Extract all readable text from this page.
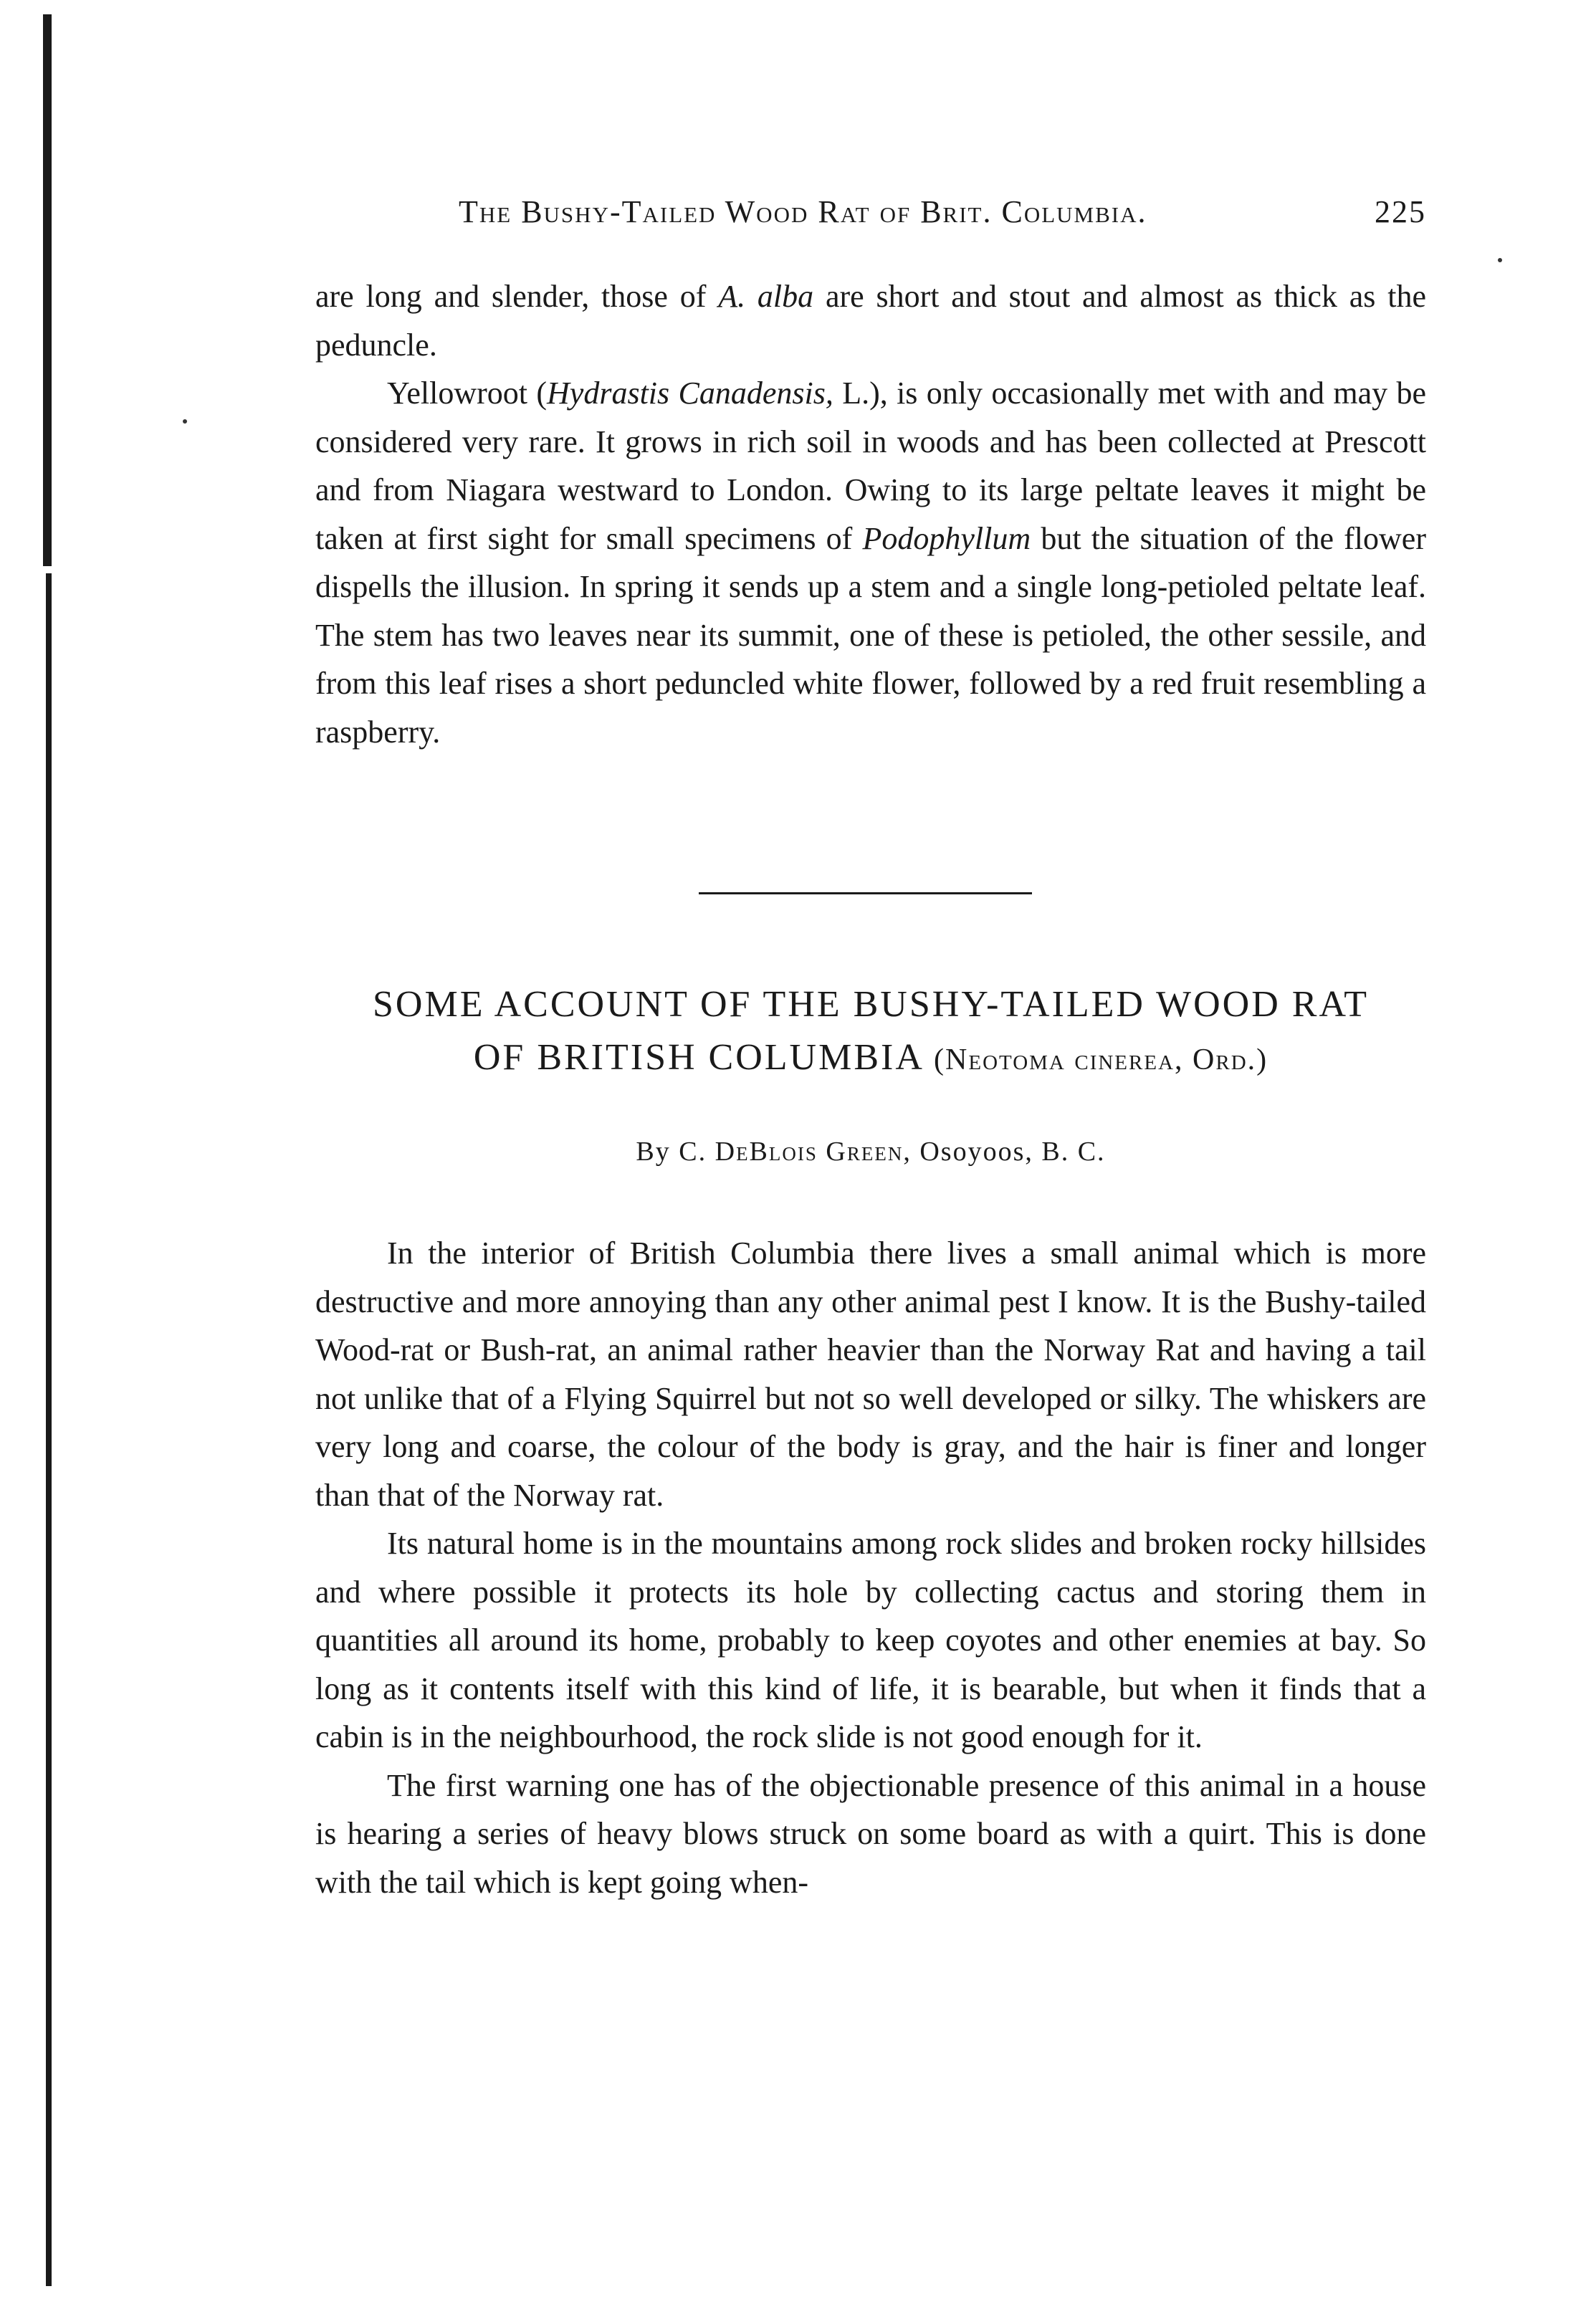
The Bushy-Tailed Wood Rat of Brit. Columbia.	225

are long and slender, those of A. alba are short and stout and almost as thick as the peduncle.

Yellowroot (Hydrastis Canadensis, L.), is only occasionally met with and may be considered very rare. It grows in rich soil in woods and has been collected at Prescott and from Niagara westward to London. Owing to its large peltate leaves it might be taken at first sight for small specimens of Podophyllum but the situation of the flower dispells the illusion. In spring it sends up a stem and a single long-petioled peltate leaf. The stem has two leaves near its summit, one of these is petioled, the other sessile, and from this leaf rises a short peduncled white flower, followed by a red fruit resembling a raspberry.

SOME ACCOUNT OF THE BUSHY-TAILED WOOD RAT
OF BRITISH COLUMBIA (Neotoma cinerea, Ord.)
By C. DeBlois Green, Osoyoos, B. C.

In the interior of British Columbia there lives a small animal which is more destructive and more annoying than any other animal pest I know. It is the Bushy-tailed Wood-rat or Bush-rat, an animal rather heavier than the Norway Rat and having a tail not unlike that of a Flying Squirrel but not so well developed or silky. The whiskers are very long and coarse, the colour of the body is gray, and the hair is finer and longer than that of the Norway rat.

Its natural home is in the mountains among rock slides and broken rocky hillsides and where possible it protects its hole by collecting cactus and storing them in quantities all around its home, probably to keep coyotes and other enemies at bay. So long as it contents itself with this kind of life, it is bearable, but when it finds that a cabin is in the neighbourhood, the rock slide is not good enough for it.

The first warning one has of the objectionable presence of this animal in a house is hearing a series of heavy blows struck on some board as with a quirt. This is done with the tail which is kept going when-
